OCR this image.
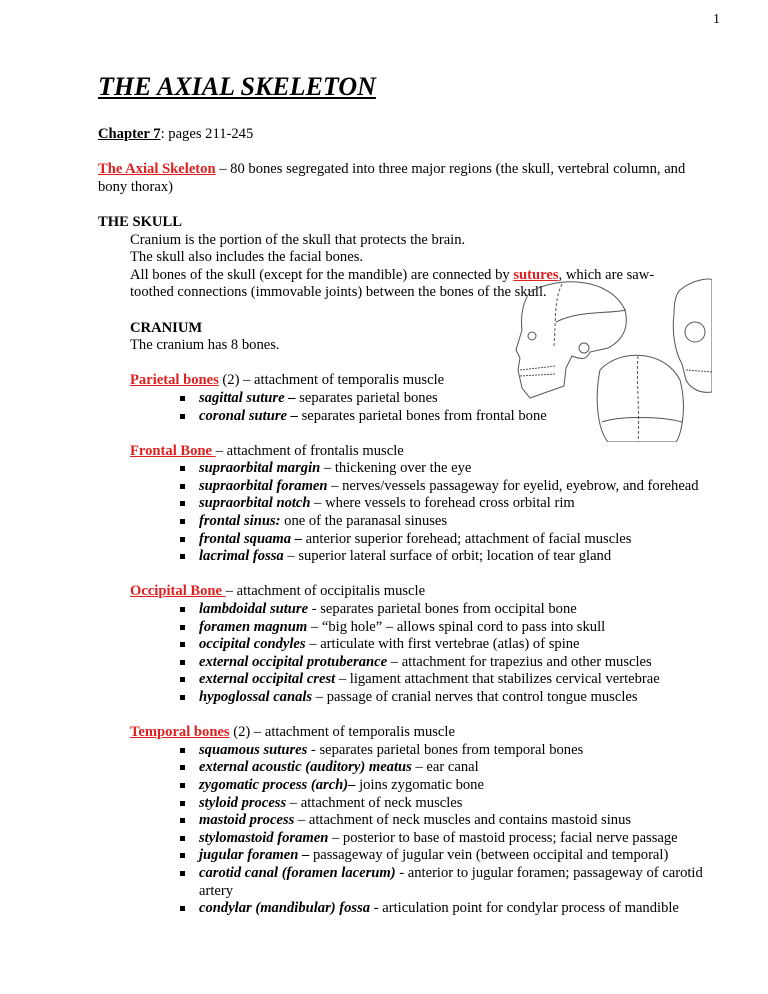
1
THE AXIAL SKELETON
Chapter 7: pages 211-245
The Axial Skeleton – 80 bones segregated into three major regions (the skull, vertebral column, and bony thorax)
THE SKULL
Cranium is the portion of the skull that protects the brain.
The skull also includes the facial bones.
All bones of the skull (except for the mandible) are connected by sutures, which are saw-toothed connections (immovable joints) between the bones of the skull.
CRANIUM
The cranium has 8 bones.
Parietal bones (2) – attachment of temporalis muscle
sagittal suture – separates parietal bones
coronal suture – separates parietal bones from frontal bone
Frontal Bone – attachment of frontalis muscle
supraorbital margin – thickening over the eye
supraorbital foramen – nerves/vessels passageway for eyelid, eyebrow, and forehead
supraorbital notch – where vessels to forehead cross orbital rim
frontal sinus: one of the paranasal sinuses
frontal squama – anterior superior forehead; attachment of facial muscles
lacrimal fossa – superior lateral surface of orbit; location of tear gland
Occipital Bone – attachment of occipitalis muscle
lambdoidal suture - separates parietal bones from occipital bone
foramen magnum – “big hole” – allows spinal cord to pass into skull
occipital condyles – articulate with first vertebrae (atlas) of spine
external occipital protuberance – attachment for trapezius and other muscles
external occipital crest – ligament attachment that stabilizes cervical vertebrae
hypoglossal canals – passage of cranial nerves that control tongue muscles
Temporal bones (2) – attachment of temporalis muscle
squamous sutures - separates parietal bones from temporal bones
external acoustic (auditory) meatus – ear canal
zygomatic process (arch)– joins zygomatic bone
styloid process – attachment of neck muscles
mastoid process – attachment of neck muscles and contains mastoid sinus
stylomastoid foramen – posterior to base of mastoid process; facial nerve passage
jugular foramen – passageway of jugular vein (between occipital and temporal)
carotid canal (foramen lacerum) - anterior to jugular foramen; passageway of carotid artery
condylar (mandibular) fossa - articulation point for condylar process of mandible
